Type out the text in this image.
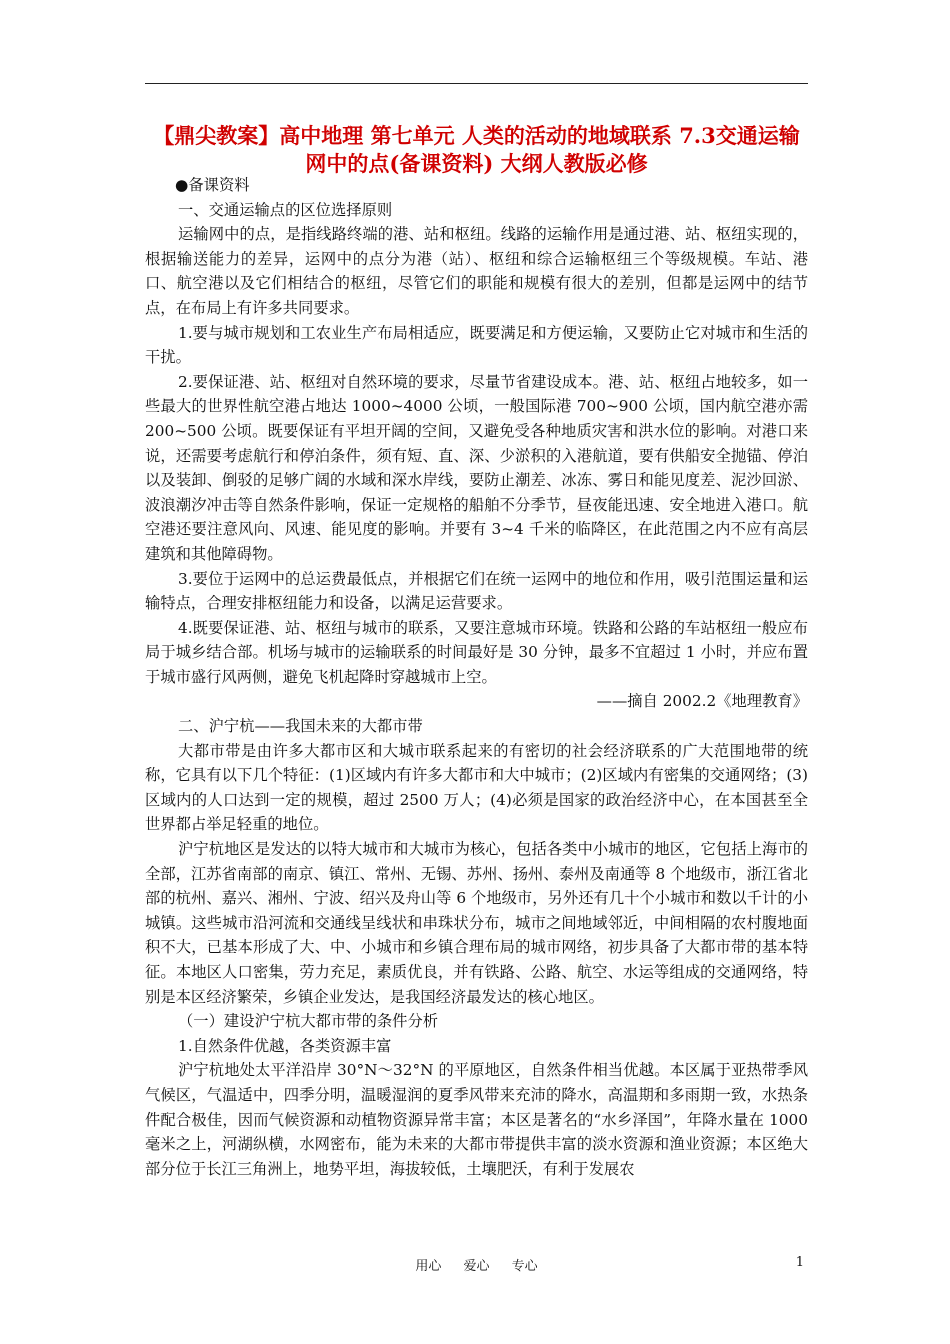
【鼎尖教案】高中地理 第七单元 人类的活动的地域联系 7.3交通运输网中的点(备课资料) 大纲人教版必修

●备课资料

一、交通运输点的区位选择原则

运输网中的点，是指线路终端的港、站和枢纽。线路的运输作用是通过港、站、枢纽实现的，根据输送能力的差异，运网中的点分为港（站）、枢纽和综合运输枢纽三个等级规模。车站、港口、航空港以及它们相结合的枢纽，尽管它们的职能和规模有很大的差别，但都是运网中的结节点，在布局上有许多共同要求。

1.要与城市规划和工农业生产布局相适应，既要满足和方便运输，又要防止它对城市和生活的干扰。

2.要保证港、站、枢纽对自然环境的要求，尽量节省建设成本。港、站、枢纽占地较多，如一些最大的世界性航空港占地达 1000~4000 公顷，一般国际港 700~900 公顷，国内航空港亦需 200~500 公顷。既要保证有平坦开阔的空间，又避免受各种地质灾害和洪水位的影响。对港口来说，还需要考虑航行和停泊条件，须有短、直、深、少淤积的入港航道，要有供船安全抛锚、停泊以及装卸、倒驳的足够广阔的水域和深水岸线，要防止潮差、冰冻、雾日和能见度差、泥沙回淤、波浪潮汐冲击等自然条件影响，保证一定规格的船舶不分季节，昼夜能迅速、安全地进入港口。航空港还要注意风向、风速、能见度的影响。并要有 3~4 千米的临降区，在此范围之内不应有高层建筑和其他障碍物。

3.要位于运网中的总运费最低点，并根据它们在统一运网中的地位和作用，吸引范围运量和运输特点，合理安排枢纽能力和设备，以满足运营要求。

4.既要保证港、站、枢纽与城市的联系，又要注意城市环境。铁路和公路的车站枢纽一般应布局于城乡结合部。机场与城市的运输联系的时间最好是 30 分钟，最多不宜超过 1 小时，并应布置于城市盛行风两侧，避免飞机起降时穿越城市上空。

——摘自 2002.2《地理教育》

二、沪宁杭——我国未来的大都市带

大都市带是由许多大都市区和大城市联系起来的有密切的社会经济联系的广大范围地带的统称，它具有以下几个特征：(1)区域内有许多大都市和大中城市；(2)区域内有密集的交通网络；(3)区域内的人口达到一定的规模，超过 2500 万人；(4)必须是国家的政治经济中心，在本国甚至全世界都占举足轻重的地位。

沪宁杭地区是发达的以特大城市和大城市为核心，包括各类中小城市的地区，它包括上海市的全部，江苏省南部的南京、镇江、常州、无锡、苏州、扬州、泰州及南通等 8 个地级市，浙江省北部的杭州、嘉兴、湘州、宁波、绍兴及舟山等 6 个地级市，另外还有几十个小城市和数以千计的小城镇。这些城市沿河流和交通线呈线状和串珠状分布，城市之间地域邻近，中间相隔的农村腹地面积不大，已基本形成了大、中、小城市和乡镇合理布局的城市网络，初步具备了大都市带的基本特征。本地区人口密集，劳力充足，素质优良，并有铁路、公路、航空、水运等组成的交通网络，特别是本区经济繁荣，乡镇企业发达，是我国经济最发达的核心地区。

（一）建设沪宁杭大都市带的条件分析

1.自然条件优越，各类资源丰富

沪宁杭地处太平洋沿岸 30°N～32°N 的平原地区，自然条件相当优越。本区属于亚热带季风气候区，气温适中，四季分明，温暖湿润的夏季风带来充沛的降水，高温期和多雨期一致，水热条件配合极佳，因而气候资源和动植物资源异常丰富；本区是著名的“水乡泽国”，年降水量在 1000 毫米之上，河湖纵横，水网密布，能为未来的大都市带提供丰富的淡水资源和渔业资源；本区绝大部分位于长江三角洲上，地势平坦，海拔较低，土壤肥沃，有利于发展农

用心 爱心 专心	1
